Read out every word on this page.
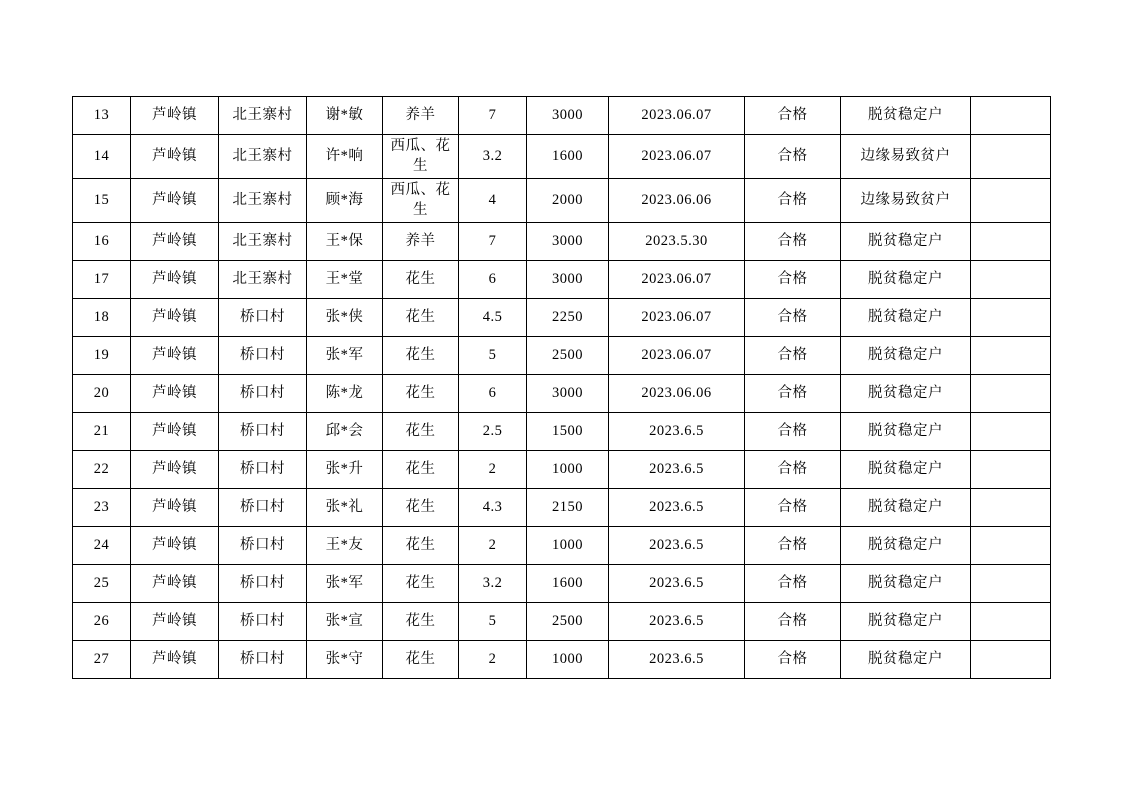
13	芦岭镇	北王寨村	谢*敏	养羊	7	3000	2023.06.07	合格	脱贫稳定户	

14	芦岭镇	北王寨村	许*响	西瓜、花生	3.2	1600	2023.06.07	合格	边缘易致贫户	

15	芦岭镇	北王寨村	顾*海	西瓜、花生	4	2000	2023.06.06	合格	边缘易致贫户	

16	芦岭镇	北王寨村	王*保	养羊	7	3000	2023.5.30	合格	脱贫稳定户	

17	芦岭镇	北王寨村	王*堂	花生	6	3000	2023.06.07	合格	脱贫稳定户	

18	芦岭镇	桥口村	张*侠	花生	4.5	2250	2023.06.07	合格	脱贫稳定户	

19	芦岭镇	桥口村	张*军	花生	5	2500	2023.06.07	合格	脱贫稳定户	

20	芦岭镇	桥口村	陈*龙	花生	6	3000	2023.06.06	合格	脱贫稳定户	

21	芦岭镇	桥口村	邱*会	花生	2.5	1500	2023.6.5	合格	脱贫稳定户	

22	芦岭镇	桥口村	张*升	花生	2	1000	2023.6.5	合格	脱贫稳定户	

23	芦岭镇	桥口村	张*礼	花生	4.3	2150	2023.6.5	合格	脱贫稳定户	

24	芦岭镇	桥口村	王*友	花生	2	1000	2023.6.5	合格	脱贫稳定户	

25	芦岭镇	桥口村	张*军	花生	3.2	1600	2023.6.5	合格	脱贫稳定户	

26	芦岭镇	桥口村	张*宣	花生	5	2500	2023.6.5	合格	脱贫稳定户	

27	芦岭镇	桥口村	张*守	花生	2	1000	2023.6.5	合格	脱贫稳定户	
